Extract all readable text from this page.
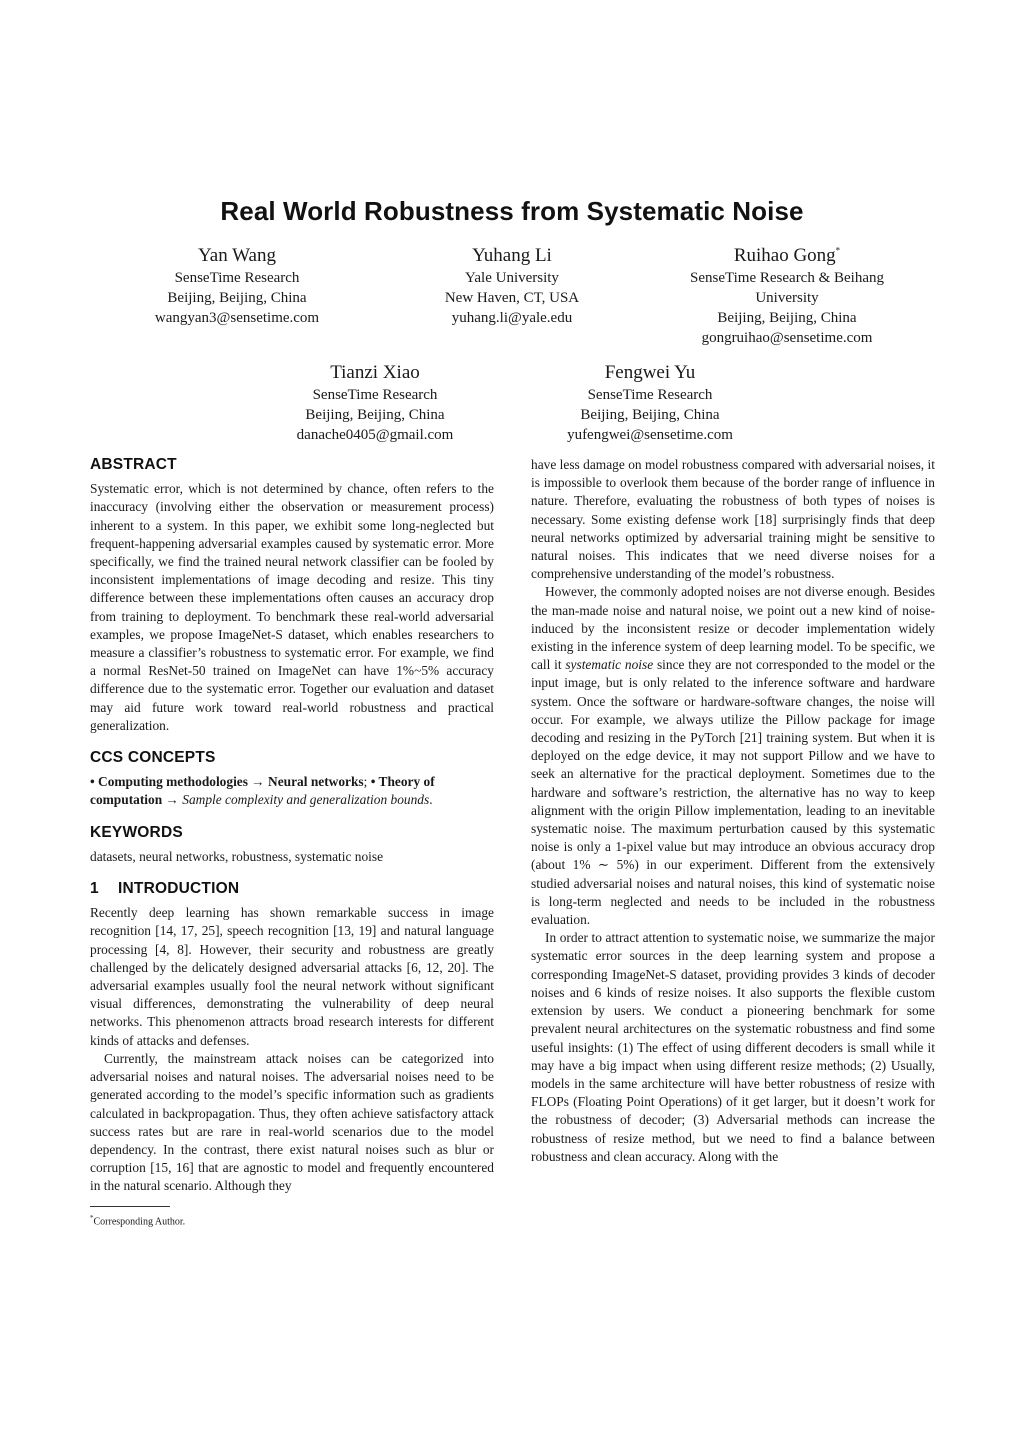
Real World Robustness from Systematic Noise
Yan Wang
SenseTime Research
Beijing, Beijing, China
wangyan3@sensetime.com
Yuhang Li
Yale University
New Haven, CT, USA
yuhang.li@yale.edu
Ruihao Gong*
SenseTime Research & Beihang
University
Beijing, Beijing, China
gongruihao@sensetime.com
Tianzi Xiao
SenseTime Research
Beijing, Beijing, China
danache0405@gmail.com
Fengwei Yu
SenseTime Research
Beijing, Beijing, China
yufengwei@sensetime.com
ABSTRACT

Systematic error, which is not determined by chance, often refers to the inaccuracy (involving either the observation or measurement process) inherent to a system. In this paper, we exhibit some long-neglected but frequent-happening adversarial examples caused by systematic error. More specifically, we find the trained neural network classifier can be fooled by inconsistent implementations of image decoding and resize. This tiny difference between these implementations often causes an accuracy drop from training to deployment. To benchmark these real-world adversarial examples, we propose ImageNet-S dataset, which enables researchers to measure a classifier’s robustness to systematic error. For example, we find a normal ResNet-50 trained on ImageNet can have 1%~5% accuracy difference due to the systematic error. Together our evaluation and dataset may aid future work toward real-world robustness and practical generalization.

CCS CONCEPTS

• Computing methodologies → Neural networks; • Theory of computation → Sample complexity and generalization bounds.

KEYWORDS

datasets, neural networks, robustness, systematic noise

1 INTRODUCTION

Recently deep learning has shown remarkable success in image recognition [14, 17, 25], speech recognition [13, 19] and natural language processing [4, 8]. However, their security and robustness are greatly challenged by the delicately designed adversarial attacks [6, 12, 20]. The adversarial examples usually fool the neural network without significant visual differences, demonstrating the vulnerability of deep neural networks. This phenomenon attracts broad research interests for different kinds of attacks and defenses.

Currently, the mainstream attack noises can be categorized into adversarial noises and natural noises. The adversarial noises need to be generated according to the model’s specific information such as gradients calculated in backpropagation. Thus, they often achieve satisfactory attack success rates but are rare in real-world scenarios due to the model dependency. In the contrast, there exist natural noises such as blur or corruption [15, 16] that are agnostic to model and frequently encountered in the natural scenario. Although they

*Corresponding Author.

have less damage on model robustness compared with adversarial noises, it is impossible to overlook them because of the border range of influence in nature. Therefore, evaluating the robustness of both types of noises is necessary. Some existing defense work [18] surprisingly finds that deep neural networks optimized by adversarial training might be sensitive to natural noises. This indicates that we need diverse noises for a comprehensive understanding of the model’s robustness.

However, the commonly adopted noises are not diverse enough. Besides the man-made noise and natural noise, we point out a new kind of noise-induced by the inconsistent resize or decoder implementation widely existing in the inference system of deep learning model. To be specific, we call it systematic noise since they are not corresponded to the model or the input image, but is only related to the inference software and hardware system. Once the software or hardware-software changes, the noise will occur. For example, we always utilize the Pillow package for image decoding and resizing in the PyTorch [21] training system. But when it is deployed on the edge device, it may not support Pillow and we have to seek an alternative for the practical deployment. Sometimes due to the hardware and software’s restriction, the alternative has no way to keep alignment with the origin Pillow implementation, leading to an inevitable systematic noise. The maximum perturbation caused by this systematic noise is only a 1-pixel value but may introduce an obvious accuracy drop (about 1% ∼ 5%) in our experiment. Different from the extensively studied adversarial noises and natural noises, this kind of systematic noise is long-term neglected and needs to be included in the robustness evaluation.

In order to attract attention to systematic noise, we summarize the major systematic error sources in the deep learning system and propose a corresponding ImageNet-S dataset, providing provides 3 kinds of decoder noises and 6 kinds of resize noises. It also supports the flexible custom extension by users. We conduct a pioneering benchmark for some prevalent neural architectures on the systematic robustness and find some useful insights: (1) The effect of using different decoders is small while it may have a big impact when using different resize methods; (2) Usually, models in the same architecture will have better robustness of resize with FLOPs (Floating Point Operations) of it get larger, but it doesn’t work for the robustness of decoder; (3) Adversarial methods can increase the robustness of resize method, but we need to find a balance between robustness and clean accuracy. Along with the
